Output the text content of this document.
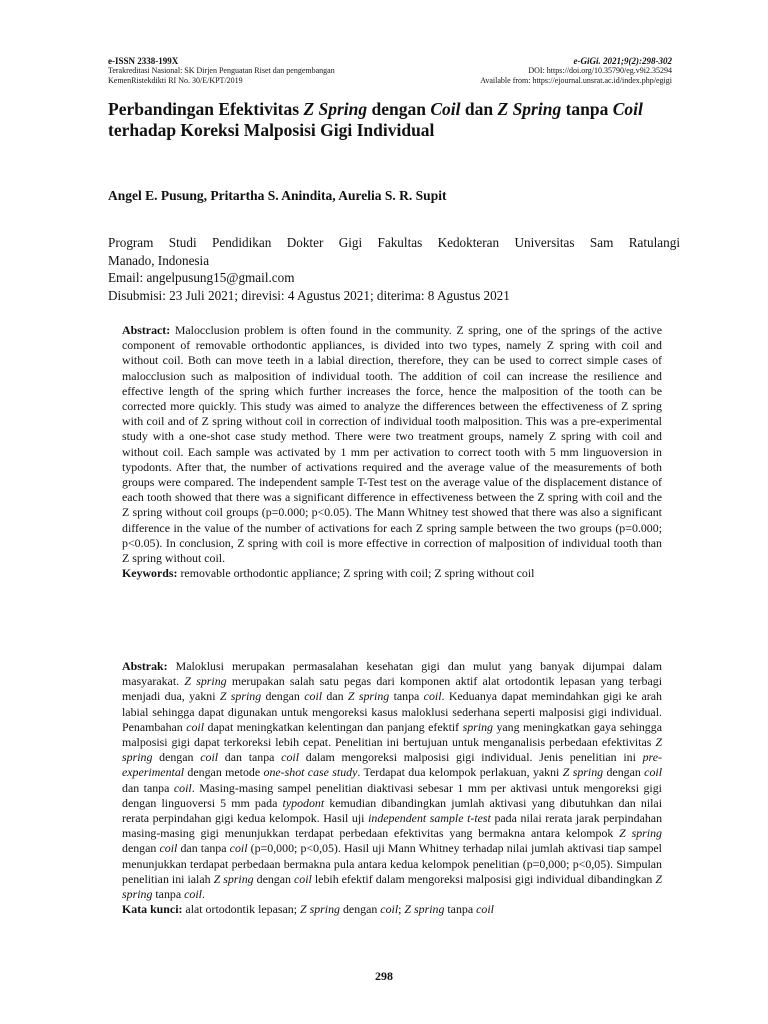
e-ISSN 2338-199X
Terakreditasi Nasional: SK Dirjen Penguatan Riset dan pengembangan
KemenRistekdikti RI No. 30/E/KPT/2019
e-GiGi. 2021;9(2):298-302
DOI: https://doi.org/10.35790/eg.v9i2.35294
Available from: https://ejournal.unsrat.ac.id/index.php/egigi
Perbandingan Efektivitas Z Spring dengan Coil dan Z Spring tanpa Coil terhadap Koreksi Malposisi Gigi Individual
Angel E. Pusung, Pritartha S. Anindita, Aurelia S. R. Supit
Program Studi Pendidikan Dokter Gigi Fakultas Kedokteran Universitas Sam Ratulangi
Manado, Indonesia
Email: angelpusung15@gmail.com
Disubmisi: 23 Juli 2021; direvisi: 4 Agustus 2021; diterima: 8 Agustus 2021

Abstract: Malocclusion problem is often found in the community. Z spring, one of the springs of the active component of removable orthodontic appliances, is divided into two types, namely Z spring with coil and without coil. Both can move teeth in a labial direction, therefore, they can be used to correct simple cases of malocclusion such as malposition of individual tooth. The addition of coil can increase the resilience and effective length of the spring which further increases the force, hence the malposition of the tooth can be corrected more quickly. This study was aimed to analyze the differences between the effectiveness of Z spring with coil and of Z spring without coil in correction of individual tooth malposition. This was a pre-experimental study with a one-shot case study method. There were two treatment groups, namely Z spring with coil and without coil. Each sample was activated by 1 mm per activation to correct tooth with 5 mm linguoversion in typodonts. After that, the number of activations required and the average value of the measurements of both groups were compared. The independent sample T-Test test on the average value of the displacement distance of each tooth showed that there was a significant difference in effectiveness between the Z spring with coil and the Z spring without coil groups (p=0.000; p<0.05). The Mann Whitney test showed that there was also a significant difference in the value of the number of activations for each Z spring sample between the two groups (p=0.000; p<0.05). In conclusion, Z spring with coil is more effective in correction of malposition of individual tooth than Z spring without coil.

Keywords: removable orthodontic appliance; Z spring with coil; Z spring without coil

Abstrak: Maloklusi merupakan permasalahan kesehatan gigi dan mulut yang banyak dijumpai dalam masyarakat. Z spring merupakan salah satu pegas dari komponen aktif alat ortodontik lepasan yang terbagi menjadi dua, yakni Z spring dengan coil dan Z spring tanpa coil. Keduanya dapat memindahkan gigi ke arah labial sehingga dapat digunakan untuk mengoreksi kasus maloklusi sederhana seperti malposisi gigi individual. Penambahan coil dapat meningkatkan kelentingan dan panjang efektif spring yang meningkatkan gaya sehingga malposisi gigi dapat terkoreksi lebih cepat. Penelitian ini bertujuan untuk menganalisis perbedaan efektivitas Z spring dengan coil dan tanpa coil dalam mengoreksi malposisi gigi individual. Jenis penelitian ini pre-experimental dengan metode one-shot case study. Terdapat dua kelompok perlakuan, yakni Z spring dengan coil dan tanpa coil. Masing-masing sampel penelitian diaktivasi sebesar 1 mm per aktivasi untuk mengoreksi gigi dengan linguoversi 5 mm pada typodont kemudian dibandingkan jumlah aktivasi yang dibutuhkan dan nilai rerata perpindahan gigi kedua kelompok. Hasil uji independent sample t-test pada nilai rerata jarak perpindahan masing-masing gigi menunjukkan terdapat perbedaan efektivitas yang bermakna antara kelompok Z spring dengan coil dan tanpa coil (p=0,000; p<0,05). Hasil uji Mann Whitney terhadap nilai jumlah aktivasi tiap sampel menunjukkan terdapat perbedaan bermakna pula antara kedua kelompok penelitian (p=0,000; p<0,05). Simpulan penelitian ini ialah Z spring dengan coil lebih efektif dalam mengoreksi malposisi gigi individual dibandingkan Z spring tanpa coil.

Kata kunci: alat ortodontik lepasan; Z spring dengan coil; Z spring tanpa coil

298
